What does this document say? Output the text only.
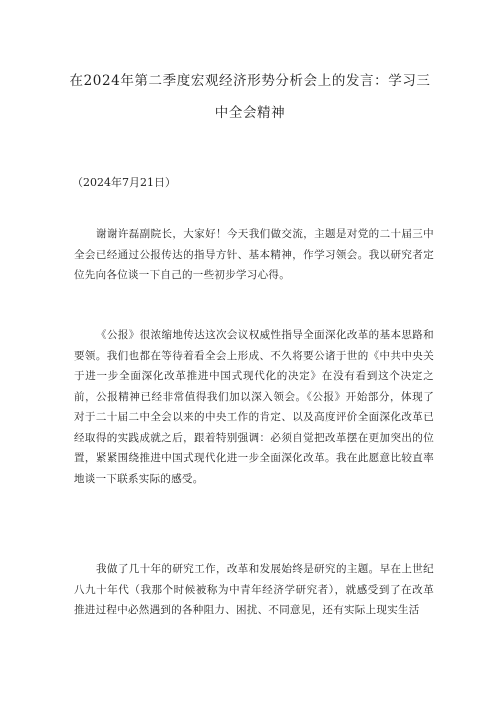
在2024年第二季度宏观经济形势分析会上的发言：学习三
中全会精神

（2024年7月21日）

谢谢许磊副院长，大家好！今天我们做交流，主题是对党的二十届三中全会已经通过公报传达的指导方针、基本精神，作学习领会。我以研究者定位先向各位谈一下自己的一些初步学习心得。

《公报》很浓缩地传达这次会议权威性指导全面深化改革的基本思路和要领。我们也都在等待着看全会上形成、不久将要公诸于世的《中共中央关于进一步全面深化改革推进中国式现代化的决定》在没有看到这个决定之前，公报精神已经非常值得我们加以深入领会。《公报》开始部分，体现了对于二十届二中全会以来的中央工作的肯定、以及高度评价全面深化改革已经取得的实践成就之后，跟着特别强调：必须自觉把改革摆在更加突出的位置，紧紧围绕推进中国式现代化进一步全面深化改革。我在此愿意比较直率地谈一下联系实际的感受。

我做了几十年的研究工作，改革和发展始终是研究的主题。早在上世纪八九十年代（我那个时候被称为中青年经济学研究者），就感受到了在改革推进过程中必然遇到的各种阻力、困扰、不同意见，还有实际上现实生活
